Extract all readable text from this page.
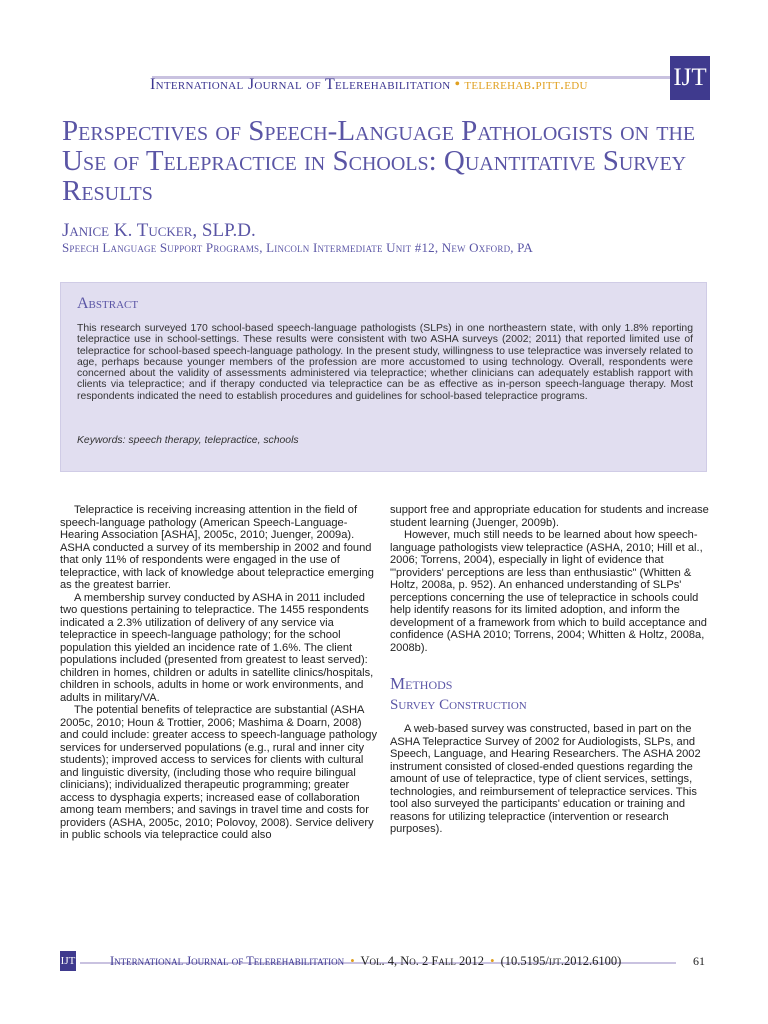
International Journal of Telerehabilitation • telerehab.pitt.edu	IJT
Perspectives of Speech-Language Pathologists on the Use of Telepractice in Schools: Quantitative Survey Results
Janice K. Tucker, SLP.D.
Speech Language Support Programs, Lincoln Intermediate Unit #12, New Oxford, PA
Abstract
This research surveyed 170 school-based speech-language pathologists (SLPs) in one northeastern state, with only 1.8% reporting telepractice use in school-settings. These results were consistent with two ASHA surveys (2002; 2011) that reported limited use of telepractice for school-based speech-language pathology. In the present study, willingness to use telepractice was inversely related to age, perhaps because younger members of the profession are more accustomed to using technology. Overall, respondents were concerned about the validity of assessments administered via telepractice; whether clinicians can adequately establish rapport with clients via telepractice; and if therapy conducted via telepractice can be as effective as in-person speech-language therapy. Most respondents indicated the need to establish procedures and guidelines for school-based telepractice programs.
Keywords: speech therapy, telepractice, schools

Telepractice is receiving increasing attention in the field of speech-language pathology (American Speech-Language-Hearing Association [ASHA], 2005c, 2010; Juenger, 2009a). ASHA conducted a survey of its membership in 2002 and found that only 11% of respondents were engaged in the use of telepractice, with lack of knowledge about telepractice emerging as the greatest barrier.

A membership survey conducted by ASHA in 2011 included two questions pertaining to telepractice. The 1455 respondents indicated a 2.3% utilization of delivery of any service via telepractice in speech-language pathology; for the school population this yielded an incidence rate of 1.6%. The client populations included (presented from greatest to least served): children in homes, children or adults in satellite clinics/hospitals, children in schools, adults in home or work environments, and adults in military/VA.

The potential benefits of telepractice are substantial (ASHA 2005c, 2010; Houn & Trottier, 2006; Mashima & Doarn, 2008) and could include: greater access to speech-language pathology services for underserved populations (e.g., rural and inner city students); improved access to services for clients with cultural and linguistic diversity, (including those who require bilingual clinicians); individualized therapeutic programming; greater access to dysphagia experts; increased ease of collaboration among team members; and savings in travel time and costs for providers (ASHA, 2005c, 2010; Polovoy, 2008). Service delivery in public schools via telepractice could also

support free and appropriate education for students and increase student learning (Juenger, 2009b).

However, much still needs to be learned about how speech-language pathologists view telepractice (ASHA, 2010; Hill et al., 2006; Torrens, 2004), especially in light of evidence that "'providers' perceptions are less than enthusiastic" (Whitten & Holtz, 2008a, p. 952). An enhanced understanding of SLPs' perceptions concerning the use of telepractice in schools could help identify reasons for its limited adoption, and inform the development of a framework from which to build acceptance and confidence (ASHA 2010; Torrens, 2004; Whitten & Holtz, 2008a, 2008b).

Methods
Survey Construction

A web-based survey was constructed, based in part on the ASHA Telepractice Survey of 2002 for Audiologists, SLPs, and Speech, Language, and Hearing Researchers. The ASHA 2002 instrument consisted of closed-ended questions regarding the amount of use of telepractice, type of client services, settings, technologies, and reimbursement of telepractice services. This tool also surveyed the participants' education or training and reasons for utilizing telepractice (intervention or research purposes).

IJT	International Journal of Telerehabilitation • Vol. 4, No. 2 Fall 2012 • (10.5195/ijt.2012.6100)	61
